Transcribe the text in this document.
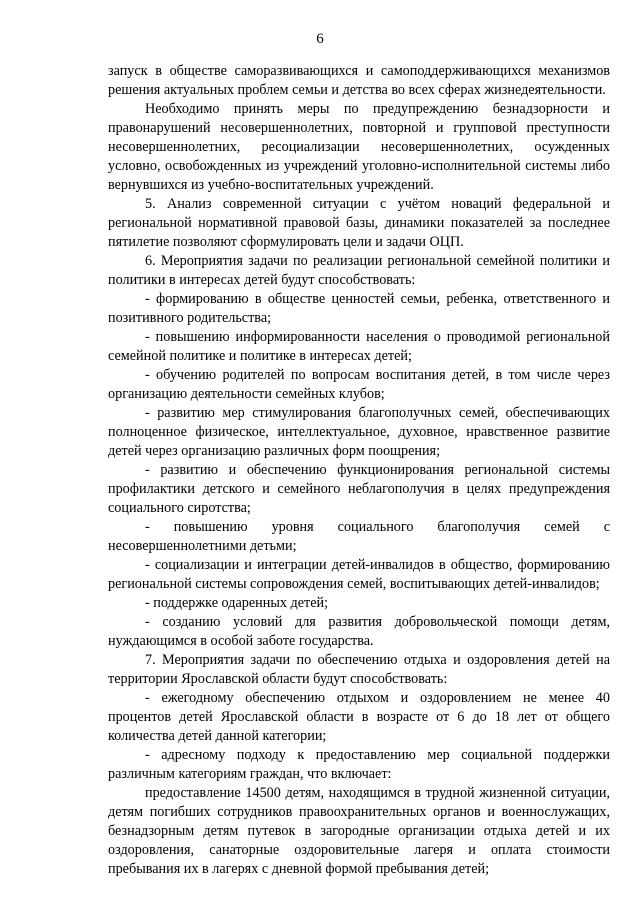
6

запуск в обществе саморазвивающихся и самоподдерживающихся механизмов решения актуальных проблем семьи и детства во всех сферах жизнедеятельности.

Необходимо принять меры по предупреждению безнадзорности и правонарушений несовершеннолетних, повторной и групповой преступности несовершеннолетних, ресоциализации несовершеннолетних, осужденных условно, освобожденных из учреждений уголовно-исполнительной системы либо вернувшихся из учебно-воспитательных учреждений.

5. Анализ современной ситуации с учётом новаций федеральной и региональной нормативной правовой базы, динамики показателей за последнее пятилетие позволяют сформулировать цели и задачи ОЦП.

6. Мероприятия задачи по реализации региональной семейной политики и политики в интересах детей будут способствовать:

- формированию в обществе ценностей семьи, ребенка, ответственного и позитивного родительства;

- повышению информированности населения о проводимой региональной семейной политике и политике в интересах детей;

- обучению родителей по вопросам воспитания детей, в том числе через организацию деятельности семейных клубов;

- развитию мер стимулирования благополучных семей, обеспечивающих полноценное физическое, интеллектуальное, духовное, нравственное развитие детей через организацию различных форм поощрения;

- развитию и обеспечению функционирования региональной системы профилактики детского и семейного неблагополучия в целях предупреждения социального сиротства;

- повышению уровня социального благополучия семей с несовершеннолетними детьми;

- социализации и интеграции детей-инвалидов в общество, формированию региональной системы сопровождения семей, воспитывающих детей-инвалидов;

- поддержке одаренных детей;

- созданию условий для развития добровольческой помощи детям, нуждающимся в особой заботе государства.

7. Мероприятия задачи по обеспечению отдыха и оздоровления детей на территории Ярославской области будут способствовать:

- ежегодному обеспечению отдыхом и оздоровлением не менее 40 процентов детей Ярославской области в возрасте от 6 до 18 лет от общего количества детей данной категории;

- адресному подходу к предоставлению мер социальной поддержки различным категориям граждан, что включает:

предоставление 14500 детям, находящимся в трудной жизненной ситуации, детям погибших сотрудников правоохранительных органов и военнослужащих, безнадзорным детям путевок в загородные организации отдыха детей и их оздоровления, санаторные оздоровительные лагеря и оплата стоимости пребывания их в лагерях с дневной формой пребывания детей;
